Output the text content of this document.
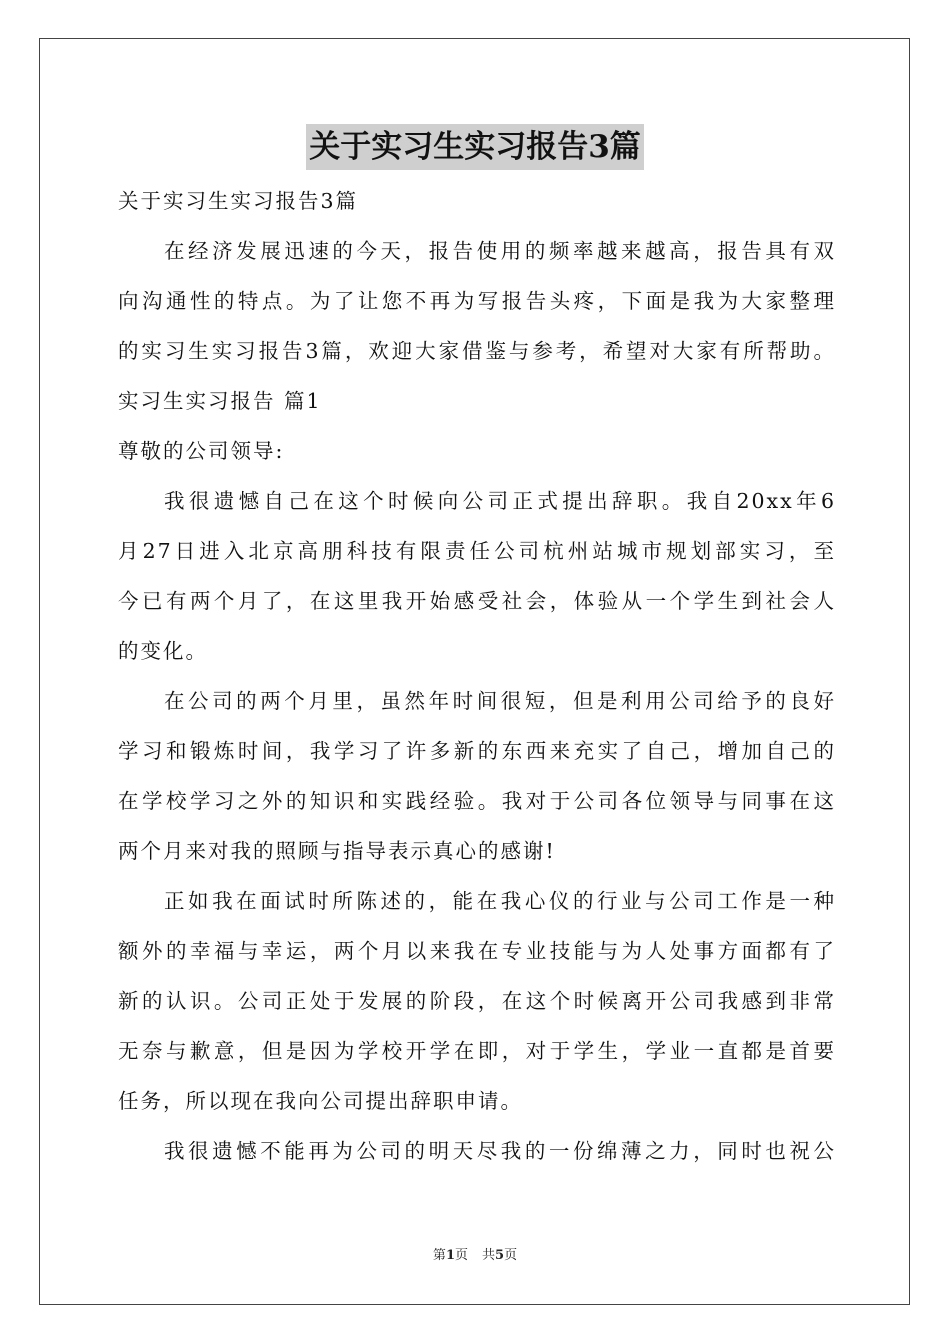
关于实习生实习报告3篇
关于实习生实习报告3篇
在经济发展迅速的今天，报告使用的频率越来越高，报告具有双
向沟通性的特点。为了让您不再为写报告头疼，下面是我为大家整理
的实习生实习报告3篇，欢迎大家借鉴与参考，希望对大家有所帮助。
实习生实习报告 篇1
尊敬的公司领导:
我很遗憾自己在这个时候向公司正式提出辞职。我自20xx年6
月27日进入北京高朋科技有限责任公司杭州站城市规划部实习，至
今已有两个月了，在这里我开始感受社会，体验从一个学生到社会人
的变化。
在公司的两个月里，虽然年时间很短，但是利用公司给予的良好
学习和锻炼时间，我学习了许多新的东西来充实了自己，增加自己的
在学校学习之外的知识和实践经验。我对于公司各位领导与同事在这
两个月来对我的照顾与指导表示真心的感谢!
正如我在面试时所陈述的，能在我心仪的行业与公司工作是一种
额外的幸福与幸运，两个月以来我在专业技能与为人处事方面都有了
新的认识。公司正处于发展的阶段，在这个时候离开公司我感到非常
无奈与歉意，但是因为学校开学在即，对于学生，学业一直都是首要
任务，所以现在我向公司提出辞职申请。
我很遗憾不能再为公司的明天尽我的一份绵薄之力，同时也祝公
第1页 共5页
